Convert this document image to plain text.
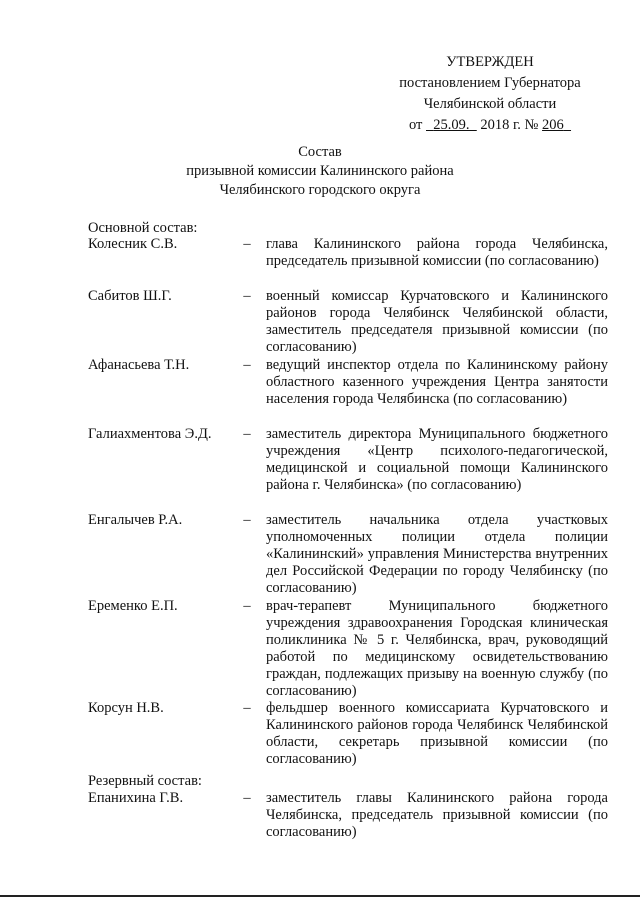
УТВЕРЖДЕН
постановлением Губернатора
Челябинской области
от 25.09. 2018 г. № 206
Состав
призывной комиссии Калининского района
Челябинского городского округа
Основной состав:
Колесник С.В.	– глава Калининского района города Челябинска, председатель призывной комиссии (по согласованию)
Сабитов Ш.Г.	– военный комиссар Курчатовского и Калининского районов города Челябинск Челябинской области, заместитель председателя призывной комиссии (по согласованию)
Афанасьева Т.Н.	– ведущий инспектор отдела по Калининскому району областного казенного учреждения Центра занятости населения города Челябинска (по согласованию)
Галиахментова Э.Д.	– заместитель директора Муниципального бюджетного учреждения «Центр психолого-педагогической, медицинской и социальной помощи Калининского района г. Челябинска» (по согласованию)
Енгалычев Р.А.	– заместитель начальника отдела участковых уполномоченных полиции отдела полиции «Калининский» управления Министерства внутренних дел Российской Федерации по городу Челябинску (по согласованию)
Еременко Е.П.	– врач-терапевт Муниципального бюджетного учреждения здравоохранения Городская клиническая поликлиника № 5 г. Челябинска, врач, руководящий работой по медицинскому освидетельствованию граждан, подлежащих призыву на военную службу (по согласованию)
Корсун Н.В.	– фельдшер военного комиссариата Курчатовского и Калининского районов города Челябинск Челябинской области, секретарь призывной комиссии (по согласованию)
Резервный состав:
Епанихина Г.В.	– заместитель главы Калининского района города Челябинска, председатель призывной комиссии (по согласованию)
